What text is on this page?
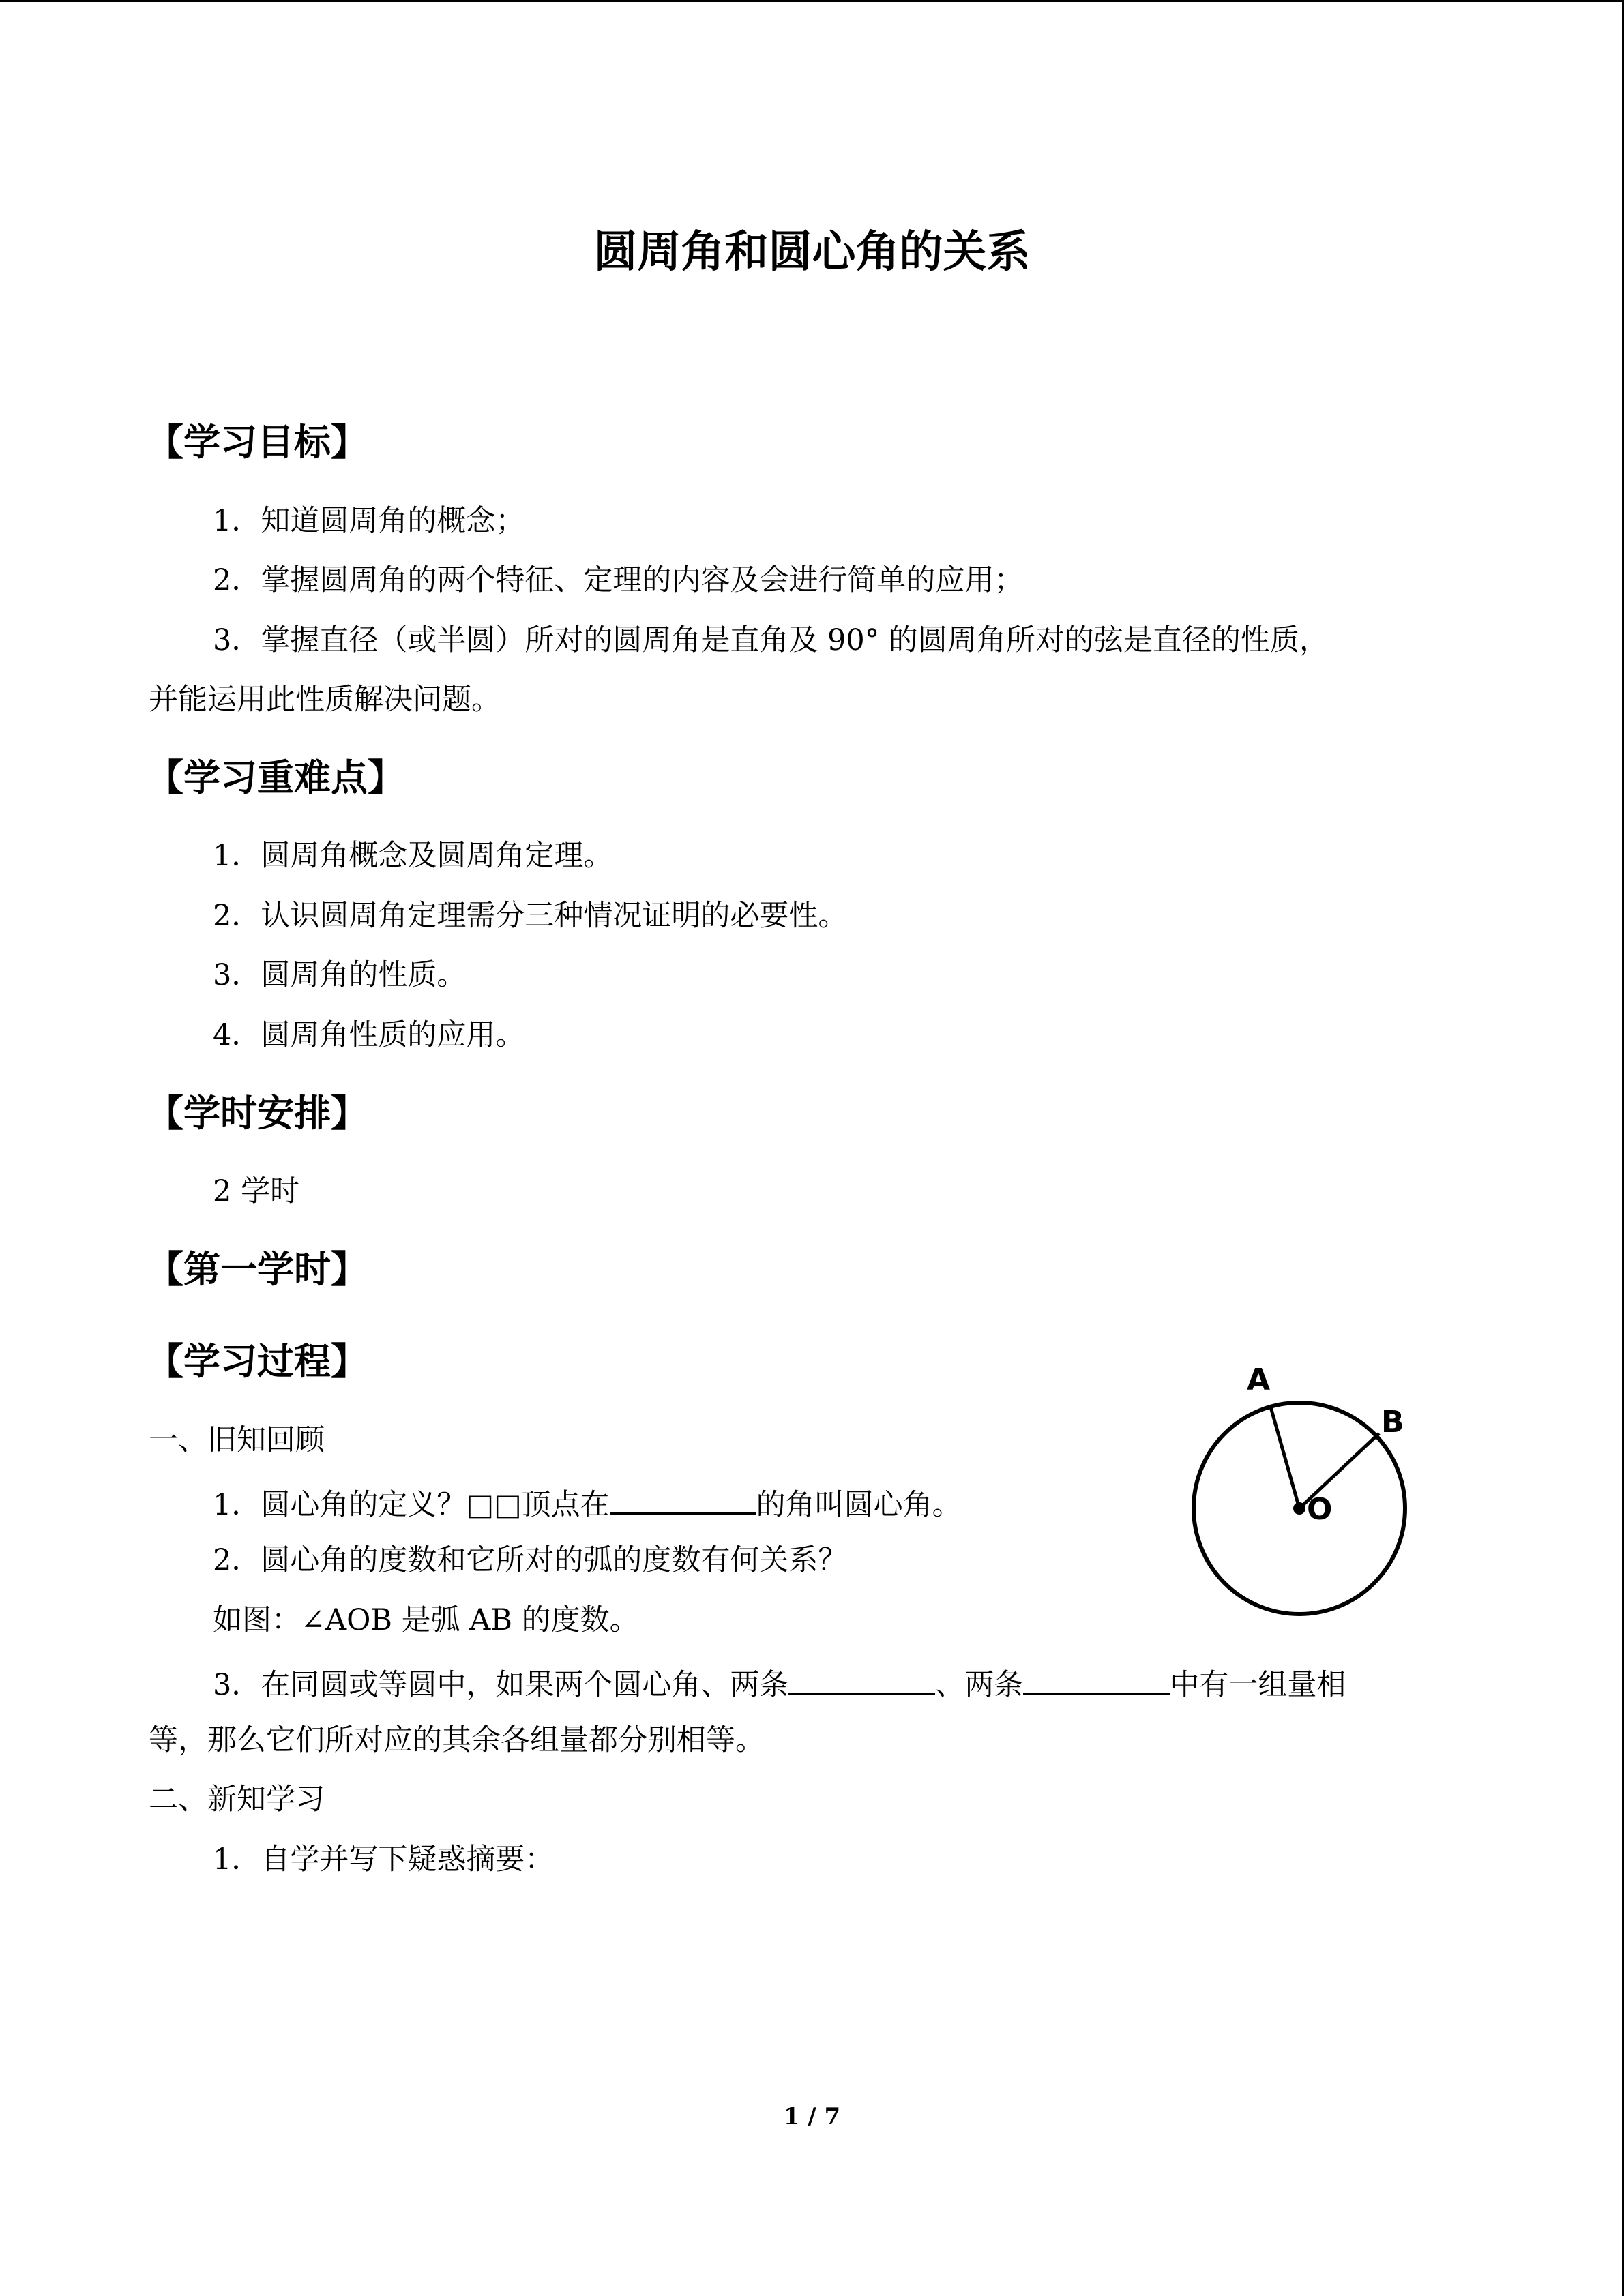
圆周角和圆心角的关系
【学习目标】
1．知道圆周角的概念；
2．掌握圆周角的两个特征、定理的内容及会进行简单的应用；
3．掌握直径（或半圆）所对的圆周角是直角及 90° 的圆周角所对的弦是直径的性质，
并能运用此性质解决问题。
【学习重难点】
1．圆周角概念及圆周角定理。
2．认识圆周角定理需分三种情况证明的必要性。
3．圆周角的性质。
4．圆周角性质的应用。
【学时安排】
2 学时
【第一学时】
【学习过程】
一、旧知回顾
1．圆心角的定义？□□顶点在	的角叫圆心角。
2．圆心角的度数和它所对的弧的度数有何关系？
如图：∠AOB 是弧 AB 的度数。
3．在同圆或等圆中，如果两个圆心角、两条	、两条	中有一组量相
等，那么它们所对应的其余各组量都分别相等。
二、新知学习
1．自学并写下疑惑摘要：
A
B
O
1 / 7
